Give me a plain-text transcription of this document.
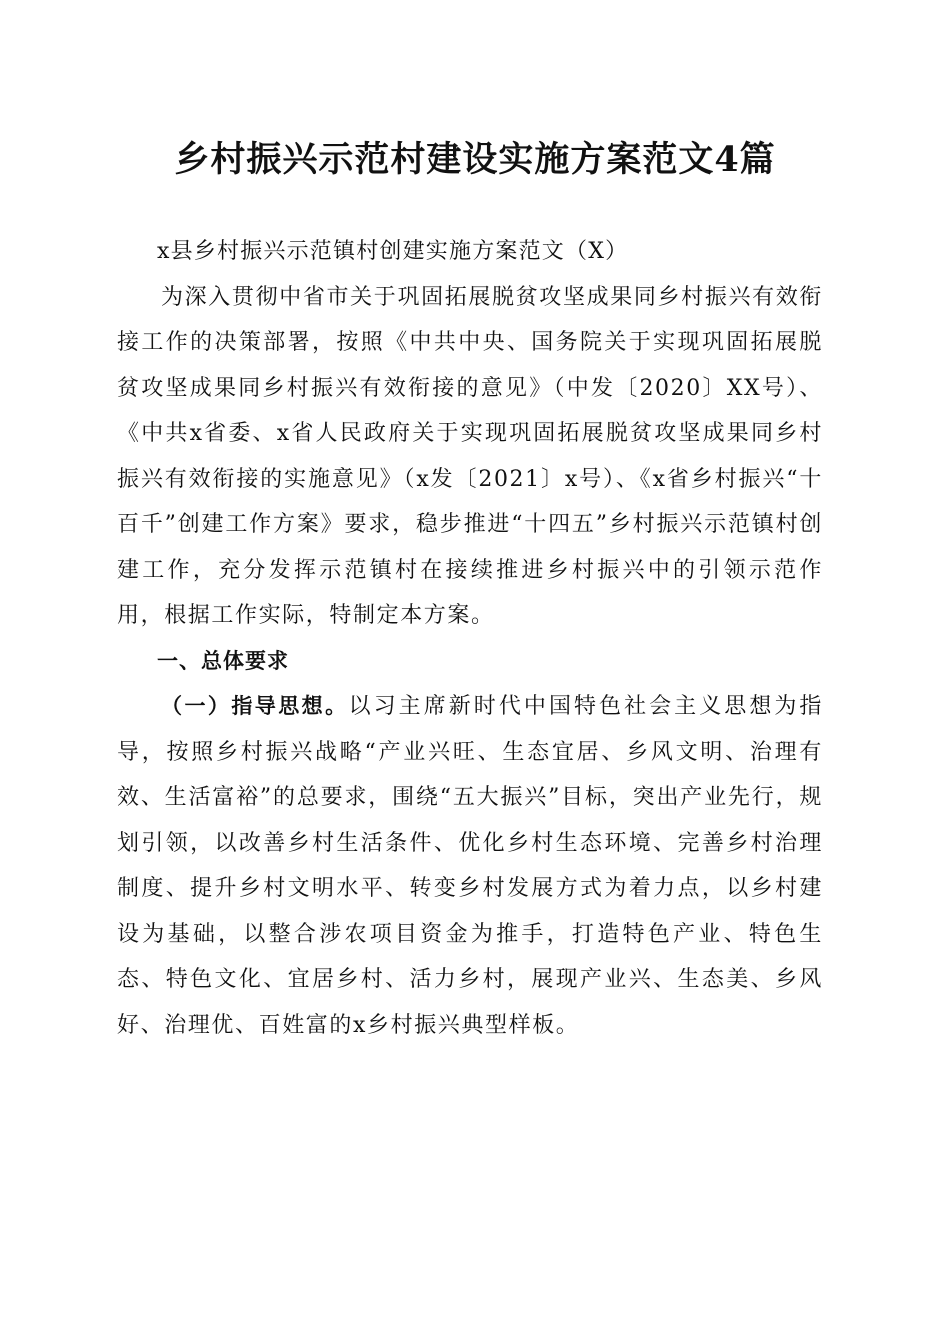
乡村振兴示范村建设实施方案范文4篇

x县乡村振兴示范镇村创建实施方案范文（X）

为深入贯彻中省市关于巩固拓展脱贫攻坚成果同乡村振兴有效衔接工作的决策部署，按照《中共中央、国务院关于实现巩固拓展脱贫攻坚成果同乡村振兴有效衔接的意见》（中发〔2020〕XX号）、《中共x省委、x省人民政府关于实现巩固拓展脱贫攻坚成果同乡村振兴有效衔接的实施意见》（x发〔2021〕x号）、《x省乡村振兴“十百千”创建工作方案》要求，稳步推进“十四五”乡村振兴示范镇村创建工作，充分发挥示范镇村在接续推进乡村振兴中的引领示范作用，根据工作实际，特制定本方案。

一、总体要求

（一）指导思想。以习主席新时代中国特色社会主义思想为指导，按照乡村振兴战略“产业兴旺、生态宜居、乡风文明、治理有效、生活富裕”的总要求，围绕“五大振兴”目标，突出产业先行，规划引领，以改善乡村生活条件、优化乡村生态环境、完善乡村治理制度、提升乡村文明水平、转变乡村发展方式为着力点，以乡村建设为基础，以整合涉农项目资金为推手，打造特色产业、特色生态、特色文化、宜居乡村、活力乡村，展现产业兴、生态美、乡风好、治理优、百姓富的x乡村振兴典型样板。
